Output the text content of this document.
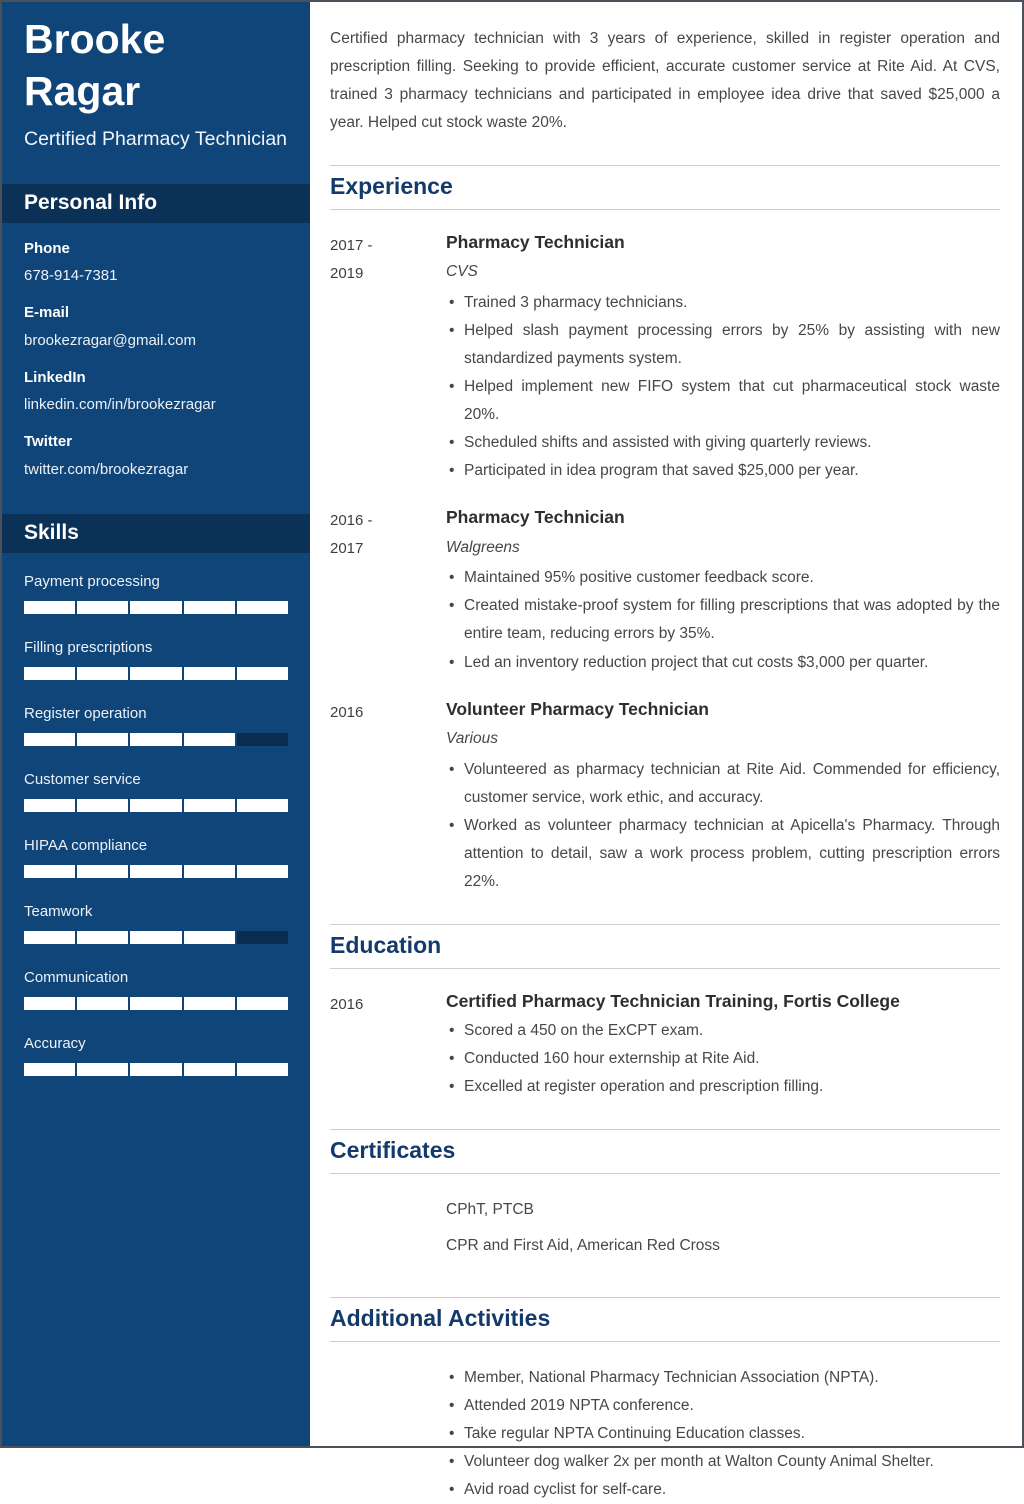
Brooke
Ragar
Certified Pharmacy Technician
Personal Info
Phone
678-914-7381
E-mail
brookezragar@gmail.com
LinkedIn
linkedin.com/in/brookezragar
Twitter
twitter.com/brookezragar
Skills
Payment processing
Filling prescriptions
Register operation
Customer service
HIPAA compliance
Teamwork
Communication
Accuracy

Certified pharmacy technician with 3 years of experience, skilled in register operation and prescription filling. Seeking to provide efficient, accurate customer service at Rite Aid. At CVS, trained 3 pharmacy technicians and participated in employee idea drive that saved $25,000 a year. Helped cut stock waste 20%.

Experience
2017 -
2019
Pharmacy Technician
CVS
• Trained 3 pharmacy technicians.
• Helped slash payment processing errors by 25% by assisting with new standardized payments system.
• Helped implement new FIFO system that cut pharmaceutical stock waste 20%.
• Scheduled shifts and assisted with giving quarterly reviews.
• Participated in idea program that saved $25,000 per year.
2016 -
2017
Pharmacy Technician
Walgreens
• Maintained 95% positive customer feedback score.
• Created mistake-proof system for filling prescriptions that was adopted by the entire team, reducing errors by 35%.
• Led an inventory reduction project that cut costs $3,000 per quarter.
2016	Volunteer Pharmacy Technician
Various
• Volunteered as pharmacy technician at Rite Aid. Commended for efficiency, customer service, work ethic, and accuracy.
• Worked as volunteer pharmacy technician at Apicella's Pharmacy. Through attention to detail, saw a work process problem, cutting prescription errors 22%.
Education
2016	Certified Pharmacy Technician Training, Fortis College
• Scored a 450 on the ExCPT exam.
• Conducted 160 hour externship at Rite Aid.
• Excelled at register operation and prescription filling.
Certificates
CPhT, PTCB
CPR and First Aid, American Red Cross
Additional Activities
• Member, National Pharmacy Technician Association (NPTA).
• Attended 2019 NPTA conference.
• Take regular NPTA Continuing Education classes.
• Volunteer dog walker 2x per month at Walton County Animal Shelter.
• Avid road cyclist for self-care.
